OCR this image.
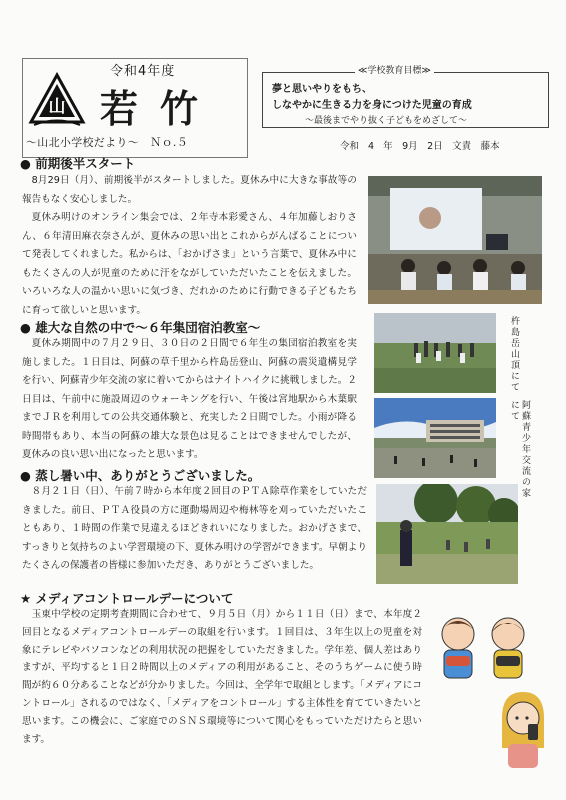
山
令和4年度
若竹
〜山北小学校だより〜　Ｎｏ.５
≪学校教育目標≫
夢と思いやりをもち、
しなやかに生きる力を身につけた児童の育成
〜最後までやり抜く子どもをめざして〜
令和 4 年　9月　2日　文責　藤本
● 前期後半スタート

8月29日（月）、前期後半がスタートしました。夏休み中に大きな事故等の報告もなく安心しました。

夏休み明けのオンライン集会では、２年寺本彩愛さん、４年加藤しおりさん、６年清田麻衣奈さんが、夏休みの思い出とこれからがんばることについて発表してくれました。私からは、「おかげさま」という言葉で、夏休み中にもたくさんの人が児童のために汗をながしていただいたことを伝えました。いろいろな人の温かい思いに気づき、だれかのために行動できる子どもたちに育って欲しいと思います。

● 雄大な自然の中で〜６年集団宿泊教室〜

夏休み期間中の７月２９日、３０日の２日間で６年生の集団宿泊教室を実施しました。１日目は、阿蘇の草千里から杵島岳登山、阿蘇の震災遺構見学を行い、阿蘇青少年交流の家に着いてからはナイトハイクに挑戦しました。２日目は、午前中に施設周辺のウォーキングを行い、午後は宮地駅から木葉駅までＪＲを利用しての公共交通体験と、充実した２日間でした。小雨が降る時間帯もあり、本当の阿蘇の雄大な景色は見ることはできませんでしたが、夏休みの良い思い出になったと思います。

杵島岳山頂にて
阿蘇青少年交流の家にて
● 蒸し暑い中、ありがとうございました。

８月２１日（日）、午前７時から本年度２回目のＰＴＡ除草作業をしていただきました。前日、ＰＴＡ役員の方に運動場周辺や梅林等を刈っていただいたこともあり、１時間の作業で見違えるほどきれいになりました。おかげさまで、すっきりと気持ちのよい学習環境の下、夏休み明けの学習ができます。早朝よりたくさんの保護者の皆様に参加いただき、ありがとうございました。

★ メディアコントロールデーについて

玉東中学校の定期考査期間に合わせて、９月５日（月）から１１日（日）まで、本年度２回目となるメディアコントロールデーの取組を行います。１回目は、３年生以上の児童を対象にテレビやパソコンなどの利用状況の把握をしていただきました。学年差、個人差はありますが、平均すると１日２時間以上のメディアの利用があること、そのうちゲームに使う時間が約６０分あることなどが分かりました。今回は、全学年で取組とします。「メディアにコントロール」されるのではなく、「メディアをコントロール」する主体性を育てていきたいと思います。この機会に、ご家庭でのＳＮＳ環境等について関心をもっていただけたらと思います。
